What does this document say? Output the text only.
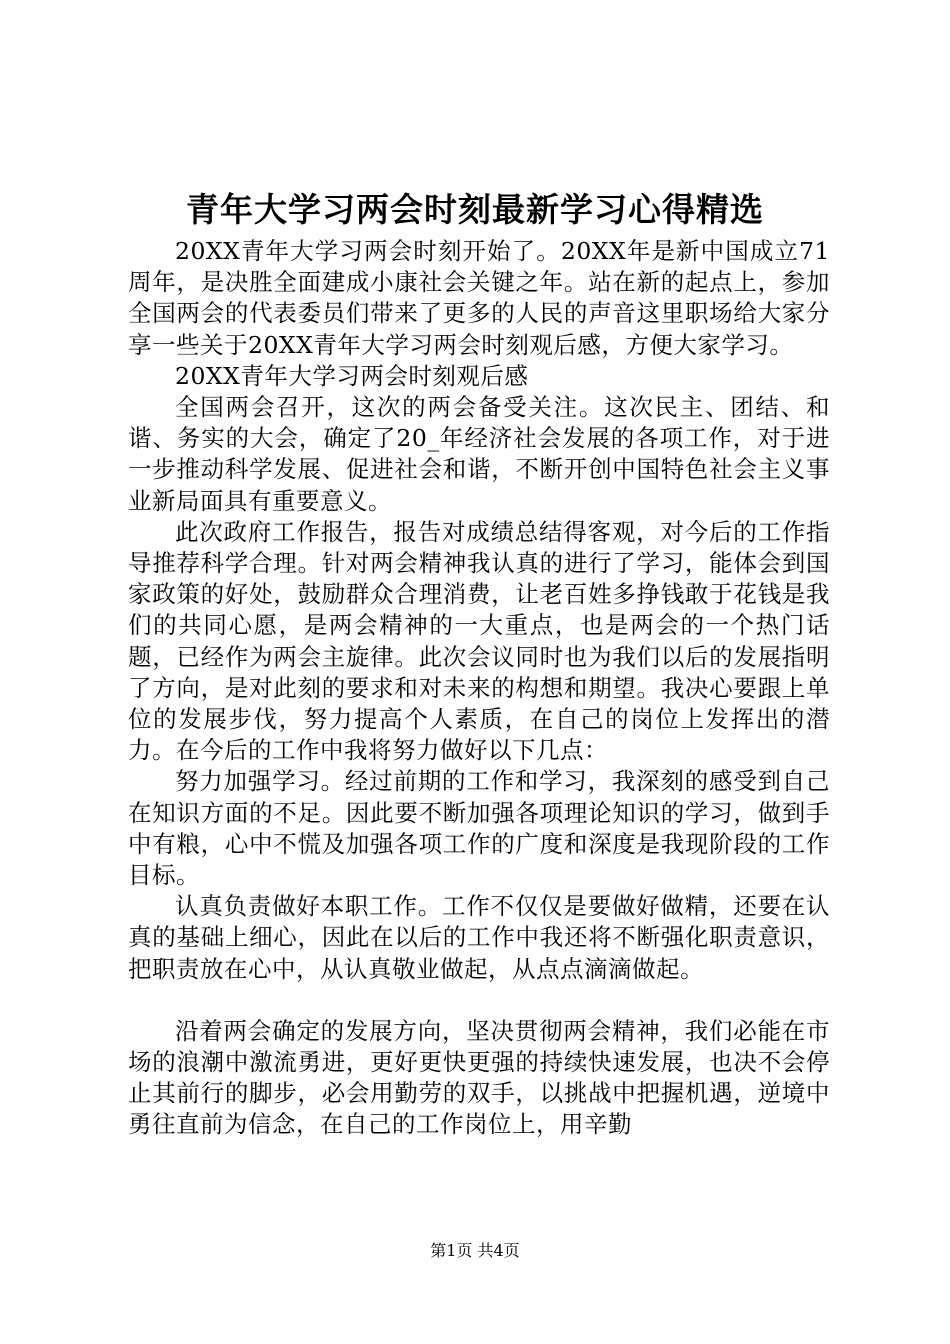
青年大学习两会时刻最新学习心得精选

20XX青年大学习两会时刻开始了。20XX年是新中国成立71周年，是决胜全面建成小康社会关键之年。站在新的起点上，参加全国两会的代表委员们带来了更多的人民的声音这里职场给大家分享一些关于20XX青年大学习两会时刻观后感，方便大家学习。

20XX青年大学习两会时刻观后感

全国两会召开，这次的两会备受关注。这次民主、团结、和谐、务实的大会，确定了20_年经济社会发展的各项工作，对于进一步推动科学发展、促进社会和谐，不断开创中国特色社会主义事业新局面具有重要意义。

此次政府工作报告，报告对成绩总结得客观，对今后的工作指导推荐科学合理。针对两会精神我认真的进行了学习，能体会到国家政策的好处，鼓励群众合理消费，让老百姓多挣钱敢于花钱是我们的共同心愿，是两会精神的一大重点，也是两会的一个热门话题，已经作为两会主旋律。此次会议同时也为我们以后的发展指明了方向，是对此刻的要求和对未来的构想和期望。我决心要跟上单位的发展步伐，努力提高个人素质，在自己的岗位上发挥出的潜力。在今后的工作中我将努力做好以下几点：

努力加强学习。经过前期的工作和学习，我深刻的感受到自己在知识方面的不足。因此要不断加强各项理论知识的学习，做到手中有粮，心中不慌及加强各项工作的广度和深度是我现阶段的工作目标。

认真负责做好本职工作。工作不仅仅是要做好做精，还要在认真的基础上细心，因此在以后的工作中我还将不断强化职责意识，把职责放在心中，从认真敬业做起，从点点滴滴做起。

沿着两会确定的发展方向，坚决贯彻两会精神，我们必能在市场的浪潮中激流勇进，更好更快更强的持续快速发展，也决不会停止其前行的脚步，必会用勤劳的双手，以挑战中把握机遇，逆境中勇往直前为信念，在自己的工作岗位上，用辛勤

第1页 共4页
